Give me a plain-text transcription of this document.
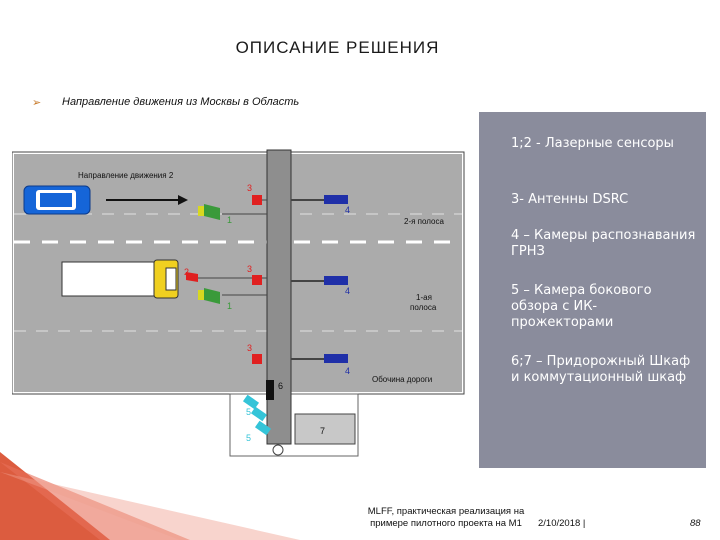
ОПИСАНИЕ РЕШЕНИЯ
➢ Направление движения из Москвы в Область
3
3
3
1
1
2
4
4
4
5
5
6
7
Направление движения 2
2-я полоса
1-ая
полоса
Обочина дороги
1;2 - Лазерные сенсоры
3- Антенны DSRC
4 – Камеры распознавания ГРНЗ
5 – Камера бокового обзора с ИК-прожекторами
6;7 – Придорожный Шкаф и коммутационный шкаф
MLFF, практическая реализация на примере пилотного проекта на М1	2/10/2018 |	88
